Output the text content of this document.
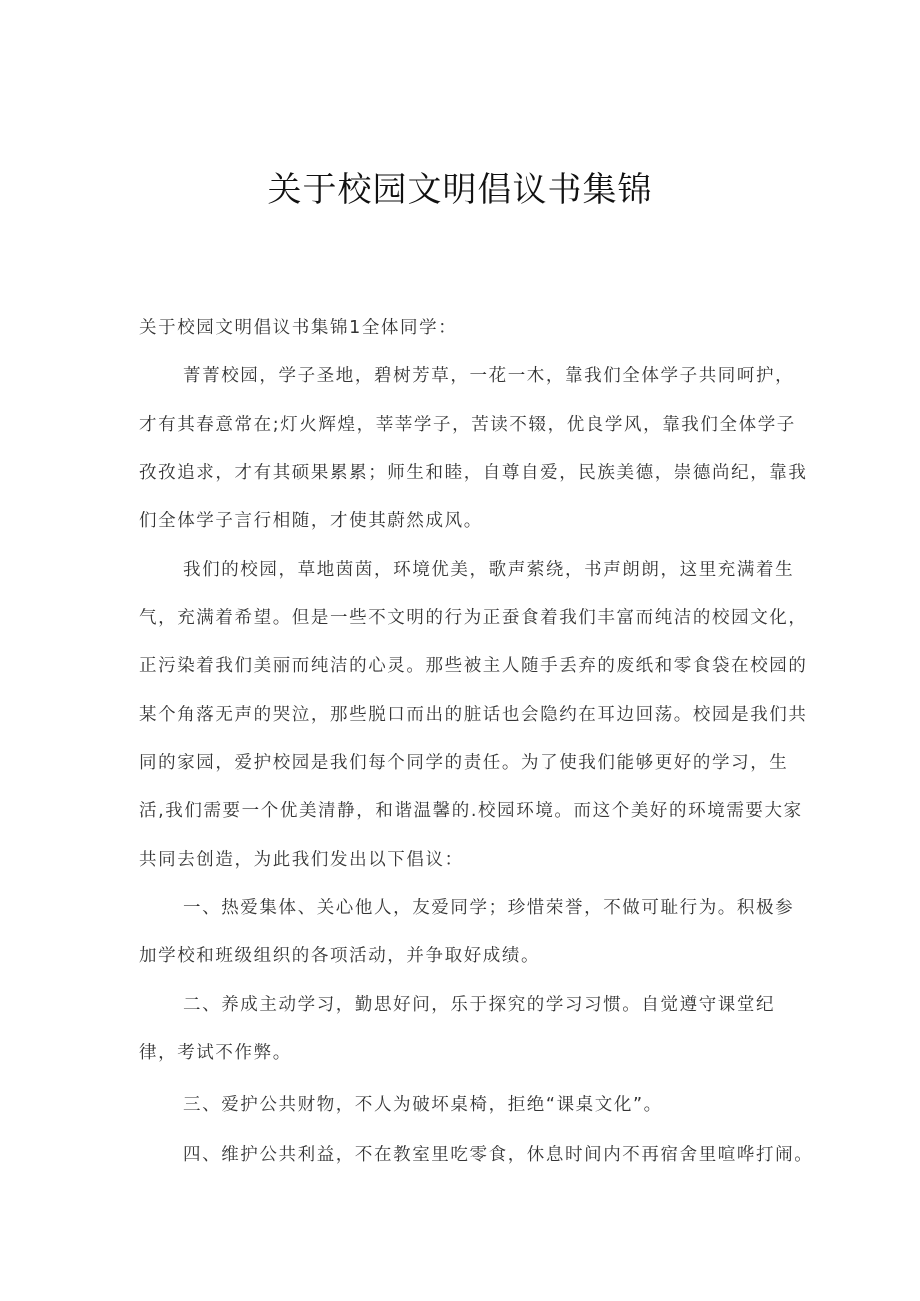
关于校园文明倡议书集锦
关于校园文明倡议书集锦1全体同学：
菁菁校园，学子圣地，碧树芳草，一花一木，靠我们全体学子共同呵护，
才有其春意常在;灯火辉煌，莘莘学子，苦读不辍，优良学风，靠我们全体学子
孜孜追求，才有其硕果累累；师生和睦，自尊自爱，民族美德，崇德尚纪，靠我
们全体学子言行相随，才使其蔚然成风。
我们的校园，草地茵茵，环境优美，歌声萦绕，书声朗朗，这里充满着生
气，充满着希望。但是一些不文明的行为正蚕食着我们丰富而纯洁的校园文化，
正污染着我们美丽而纯洁的心灵。那些被主人随手丢弃的废纸和零食袋在校园的
某个角落无声的哭泣，那些脱口而出的脏话也会隐约在耳边回荡。校园是我们共
同的家园，爱护校园是我们每个同学的责任。为了使我们能够更好的学习，生
活,我们需要一个优美清静，和谐温馨的.校园环境。而这个美好的环境需要大家
共同去创造，为此我们发出以下倡议：
一、热爱集体、关心他人，友爱同学；珍惜荣誉，不做可耻行为。积极参
加学校和班级组织的各项活动，并争取好成绩。
二、养成主动学习，勤思好问，乐于探究的学习习惯。自觉遵守课堂纪
律，考试不作弊。
三、爱护公共财物，不人为破坏桌椅，拒绝“课桌文化”。
四、维护公共利益，不在教室里吃零食，休息时间内不再宿舍里喧哗打闹。
